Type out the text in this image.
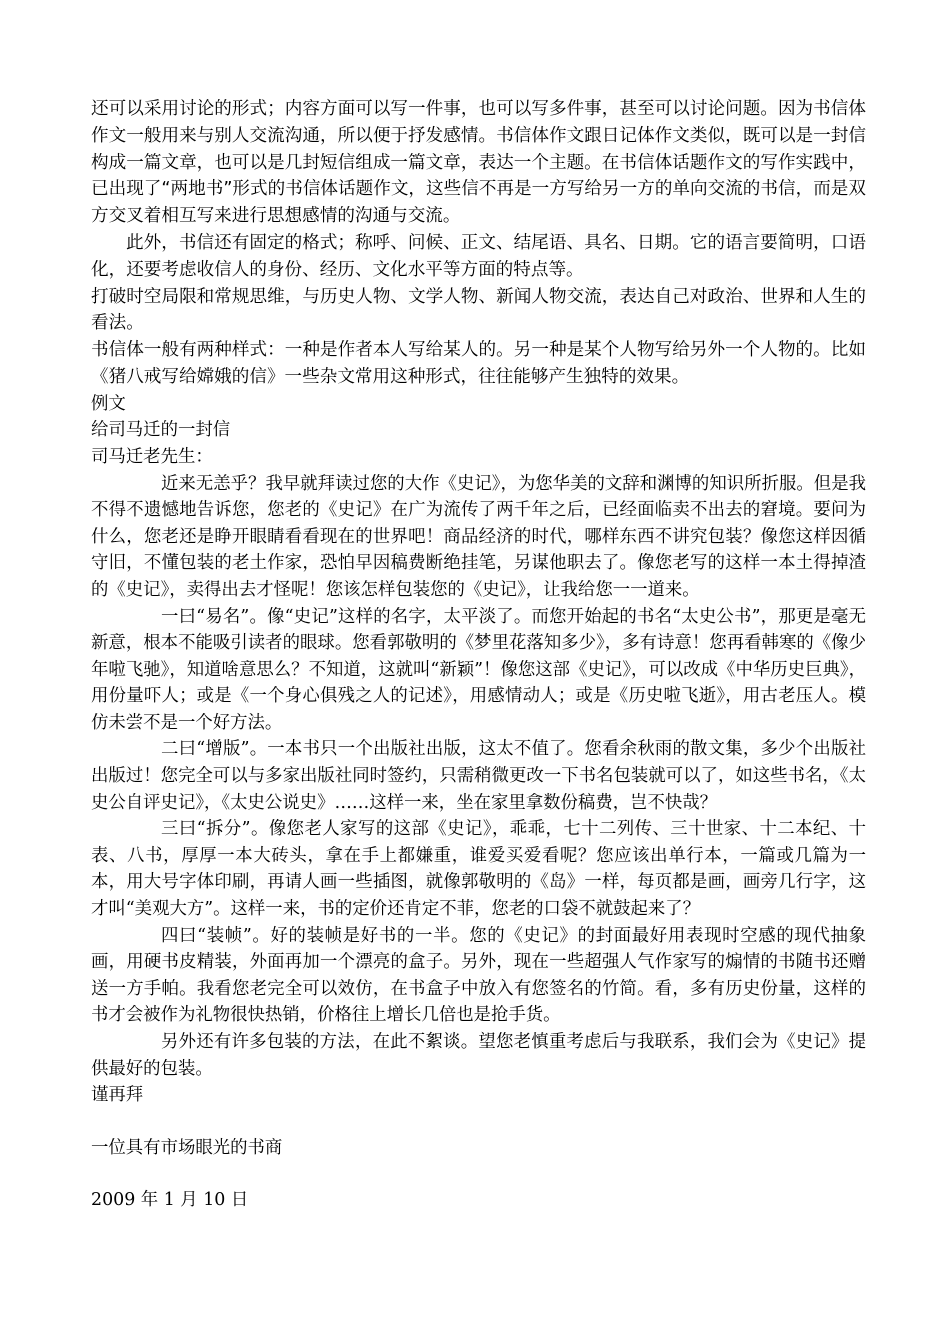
还可以采用讨论的形式；内容方面可以写一件事，也可以写多件事，甚至可以讨论问题。因为书信体作文一般用来与别人交流沟通，所以便于抒发感情。书信体作文跟日记体作文类似，既可以是一封信构成一篇文章，也可以是几封短信组成一篇文章，表达一个主题。在书信体话题作文的写作实践中，已出现了“两地书”形式的书信体话题作文，这些信不再是一方写给另一方的单向交流的书信，而是双方交叉着相互写来进行思想感情的沟通与交流。

此外，书信还有固定的格式；称呼、问候、正文、结尾语、具名、日期。它的语言要简明，口语化，还要考虑收信人的身份、经历、文化水平等方面的特点等。

打破时空局限和常规思维，与历史人物、文学人物、新闻人物交流，表达自己对政治、世界和人生的看法。

书信体一般有两种样式：一种是作者本人写给某人的。另一种是某个人物写给另外一个人物的。比如《猪八戒写给嫦娥的信》一些杂文常用这种形式，往往能够产生独特的效果。

例文

给司马迁的一封信

司马迁老先生：

近来无恙乎？我早就拜读过您的大作《史记》，为您华美的文辞和渊博的知识所折服。但是我不得不遗憾地告诉您，您老的《史记》在广为流传了两千年之后，已经面临卖不出去的窘境。要问为什么，您老还是睁开眼睛看看现在的世界吧！商品经济的时代，哪样东西不讲究包装？像您这样因循守旧，不懂包装的老土作家，恐怕早因稿费断绝挂笔，另谋他职去了。像您老写的这样一本土得掉渣的《史记》，卖得出去才怪呢！您该怎样包装您的《史记》，让我给您一一道来。

一曰“易名”。像“史记”这样的名字，太平淡了。而您开始起的书名“太史公书”，那更是毫无新意，根本不能吸引读者的眼球。您看郭敬明的《梦里花落知多少》，多有诗意！您再看韩寒的《像少年啦飞驰》，知道啥意思么？不知道，这就叫“新颖”！像您这部《史记》，可以改成《中华历史巨典》，用份量吓人；或是《一个身心俱残之人的记述》，用感情动人；或是《历史啦飞逝》，用古老压人。模仿未尝不是一个好方法。

二曰“增版”。一本书只一个出版社出版，这太不值了。您看余秋雨的散文集，多少个出版社出版过！您完全可以与多家出版社同时签约，只需稍微更改一下书名包装就可以了，如这些书名，《太史公自评史记》，《太史公说史》……这样一来，坐在家里拿数份稿费，岂不快哉？

三曰“拆分”。像您老人家写的这部《史记》，乖乖，七十二列传、三十世家、十二本纪、十表、八书，厚厚一本大砖头，拿在手上都嫌重，谁爱买爱看呢？您应该出单行本，一篇或几篇为一本，用大号字体印刷，再请人画一些插图，就像郭敬明的《岛》一样，每页都是画，画旁几行字，这才叫“美观大方”。这样一来，书的定价还肯定不菲，您老的口袋不就鼓起来了？

四曰“装帧”。好的装帧是好书的一半。您的《史记》的封面最好用表现时空感的现代抽象画，用硬书皮精装，外面再加一个漂亮的盒子。另外，现在一些超强人气作家写的煽情的书随书还赠送一方手帕。我看您老完全可以效仿，在书盒子中放入有您签名的竹简。看，多有历史份量，这样的书才会被作为礼物很快热销，价格往上增长几倍也是抢手货。

另外还有许多包装的方法，在此不絮谈。望您老慎重考虑后与我联系，我们会为《史记》提供最好的包装。

谨再拜

一位具有市场眼光的书商

2009 年 1 月 10 日
